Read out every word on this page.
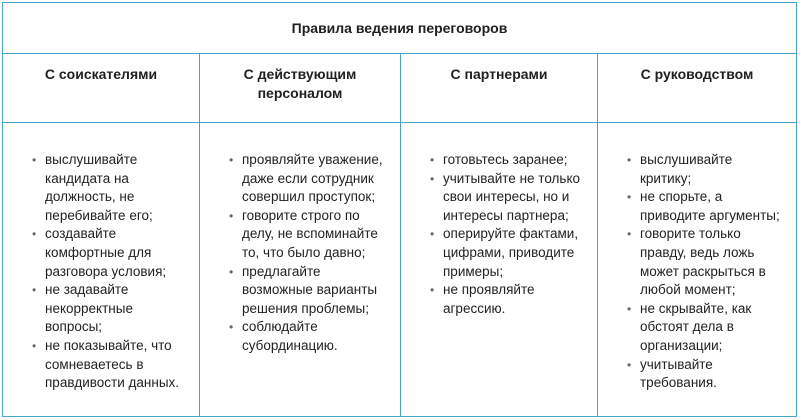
Правила ведения переговоров
С соискателями
• выслушивайте кандидата на должность, не перебивайте его;
• создавайте комфортные для разговора условия;
• не задавайте некорректные вопросы;
• не показывайте, что сомневаетесь в правдивости данных.
С действующим персоналом
• проявляйте уважение, даже если сотрудник совершил проступок;
• говорите строго по делу, не вспоминайте то, что было давно;
• предлагайте возможные варианты решения проблемы;
• соблюдайте субординацию.
С партнерами
• готовьтесь заранее;
• учитывайте не только свои интересы, но и интересы партнера;
• оперируйте фактами, цифрами, приводите примеры;
• не проявляйте агрессию.
С руководством
• выслушивайте критику;
• не спорьте, а приводите аргументы;
• говорите только правду, ведь ложь может раскрыться в любой момент;
• не скрывайте, как обстоят дела в организации;
• учитывайте требования.
